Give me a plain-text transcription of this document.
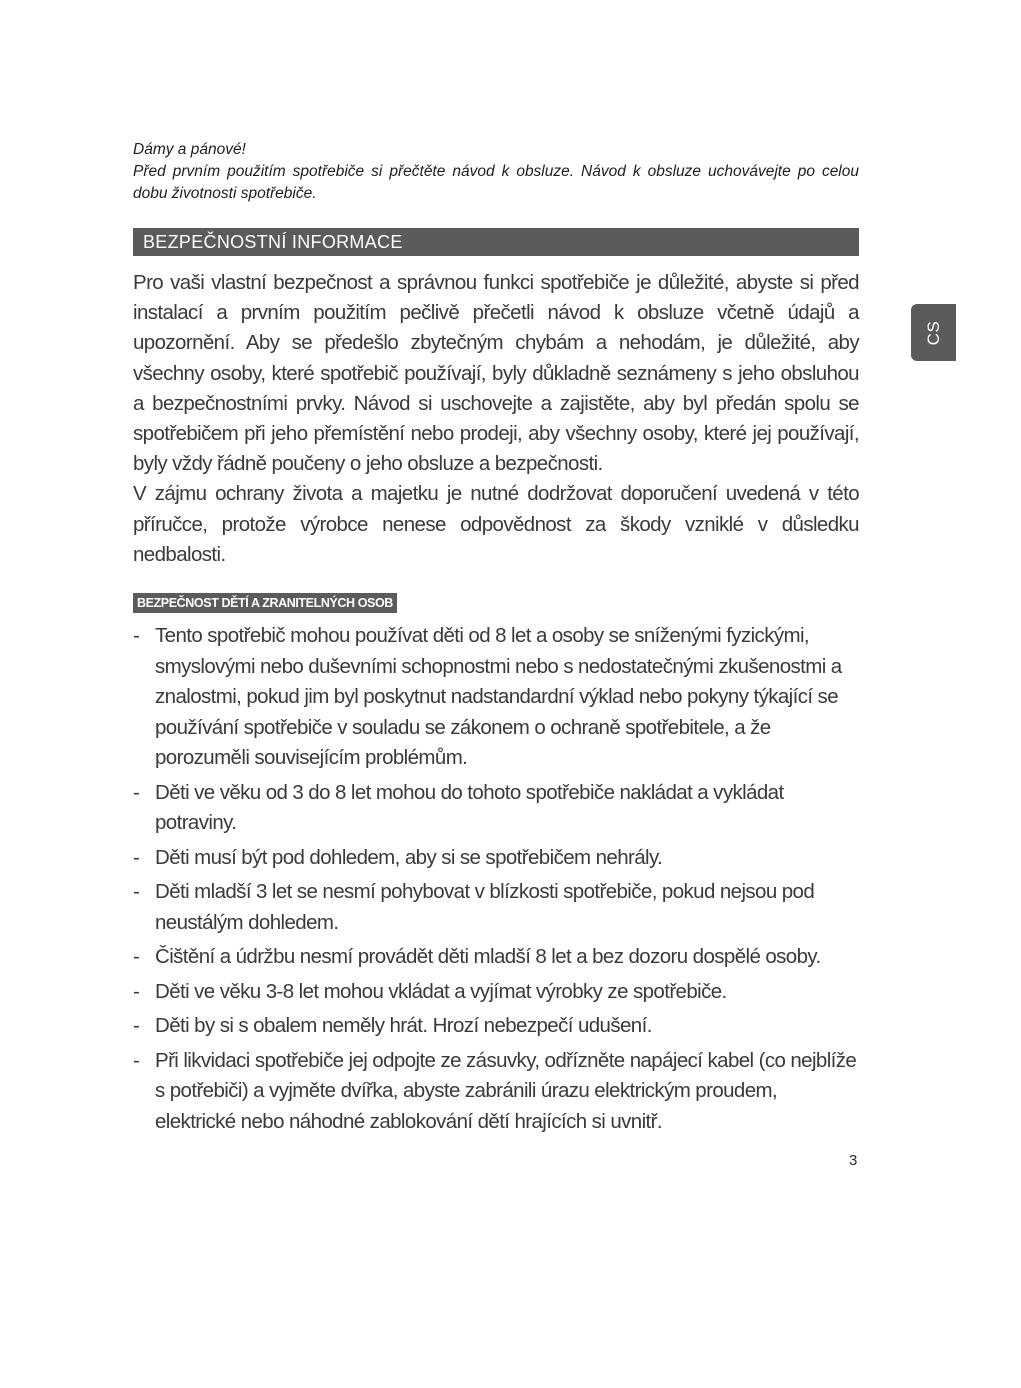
Dámy a pánové!

Před prvním použitím spotřebiče si přečtěte návod k obsluze. Návod k obsluze uchovávejte po celou dobu životnosti spotřebiče.

BEZPEČNOSTNÍ INFORMACE

Pro vaši vlastní bezpečnost a správnou funkci spotřebiče je důležité, abyste si před instalací a prvním použitím pečlivě přečetli návod k obsluze včetně údajů a upozornění. Aby se předešlo zbytečným chybám a nehodám, je důležité, aby všechny osoby, které spotřebič používají, byly důkladně seznámeny s jeho obsluhou a bezpečnostními prvky. Návod si uschovejte a zajistěte, aby byl předán spolu se spotřebičem při jeho přemístění nebo prodeji, aby všechny osoby, které jej používají, byly vždy řádně poučeny o jeho obsluze a bezpečnosti.

V zájmu ochrany života a majetku je nutné dodržovat doporučení uvedená v této příručce, protože výrobce nenese odpovědnost za škody vzniklé v důsledku nedbalosti.

BEZPEČNOST DĚTÍ A ZRANITELNÝCH OSOB
- Tento spotřebič mohou používat děti od 8 let a osoby se sníženými fyzickými, smyslovými nebo duševními schopnostmi nebo s nedostatečnými zkušenostmi a znalostmi, pokud jim byl poskytnut nadstandardní výklad nebo pokyny týkající se používání spotřebiče v souladu se zákonem o ochraně spotřebitele, a že porozuměli souvisejícím problémům.
- Děti ve věku od 3 do 8 let mohou do tohoto spotřebiče nakládat a vykládat potraviny.
- Děti musí být pod dohledem, aby si se spotřebičem nehrály.
- Děti mladší 3 let se nesmí pohybovat v blízkosti spotřebiče, pokud nejsou pod neustálým dohledem.
- Čištění a údržbu nesmí provádět děti mladší 8 let a bez dozoru dospělé osoby.
- Děti ve věku 3-8 let mohou vkládat a vyjímat výrobky ze spotřebiče.
- Děti by si s obalem neměly hrát. Hrozí nebezpečí udušení.
- Při likvidaci spotřebiče jej odpojte ze zásuvky, odřízněte napájecí kabel (co nejblíže s potřebiči) a vyjměte dvířka, abyste zabránili úrazu elektrickým proudem, elektrické nebo náhodné zablokování dětí hrajících si uvnitř.
3
CS
